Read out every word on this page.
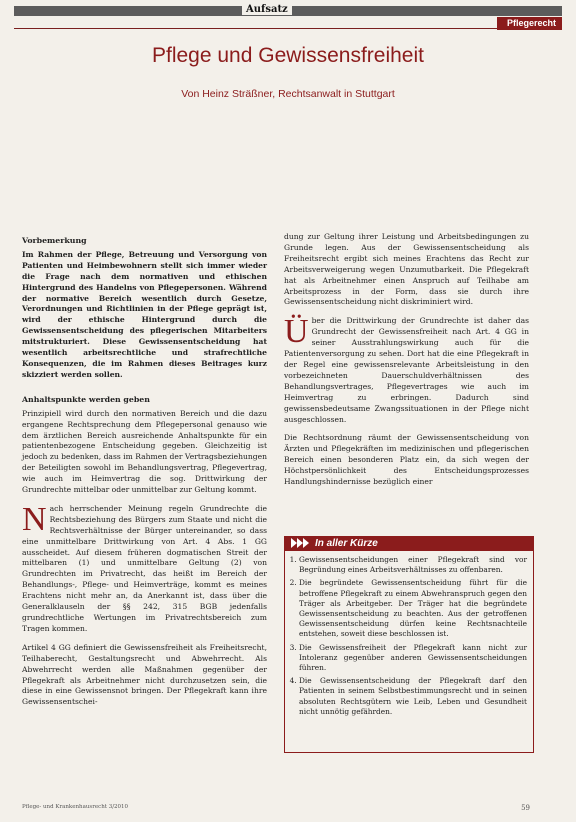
Aufsatz
Pflegerecht
Pflege und Gewissensfreiheit
Von Heinz Sträßner, Rechtsanwalt in Stuttgart
Vorbemerkung

Im Rahmen der Pflege, Betreuung und Versorgung von Patienten und Heimbewohnern stellt sich immer wieder die Frage nach dem normativen und ethischen Hintergrund des Handelns von Pflegepersonen. Während der normative Bereich wesentlich durch Gesetze, Verordnungen und Richtlinien in der Pflege geprägt ist, wird der ethische Hintergrund durch die Gewissensentscheidung des pflegerischen Mitarbeiters mitstrukturiert. Diese Gewissensentscheidung hat wesentlich arbeitsrechtliche und strafrechtliche Konsequenzen, die im Rahmen dieses Beitrages kurz skizziert werden sollen.

Anhaltspunkte werden geben

Prinzipiell wird durch den normativen Bereich und die dazu ergangene Rechtsprechung dem Pflegepersonal genauso wie dem ärztlichen Bereich ausreichende Anhaltspunkte für ein patientenbezogene Entscheidung gegeben. Gleichzeitig ist jedoch zu bedenken, dass im Rahmen der Vertragsbeziehungen der Beteiligten sowohl im Behandlungsvertrag, Pflegevertrag, wie auch im Heimvertrag die sog. Drittwirkung der Grundrechte mittelbar oder unmittelbar zur Geltung kommt.

Nach herrschender Meinung regeln Grundrechte die Rechtsbeziehung des Bürgers zum Staate und nicht die Rechtsverhältnisse der Bürger untereinander, so dass eine unmittelbare Drittwirkung von Art. 4 Abs. 1 GG ausscheidet. Auf diesem früheren dogmatischen Streit der mittelbaren (1) und unmittelbare Geltung (2) von Grundrechten im Privatrecht, das heißt im Bereich der Behandlungs-, Pflege- und Heimverträge, kommt es meines Erachtens nicht mehr an, da Anerkannt ist, dass über die Generalklauseln der §§ 242, 315 BGB jedenfalls grundrechtliche Wertungen im Privatrechtsbereich zum Tragen kommen.

Artikel 4 GG definiert die Gewissensfreiheit als Freiheitsrecht, Teilhaberecht, Gestaltungsrecht und Abwehrrecht. Als Abwehrrecht werden alle Maßnahmen gegenüber der Pflegekraft als Arbeitnehmer nicht durchzusetzen sein, die diese in eine Gewissensnot bringen. Der Pflegekraft kann ihre Gewissensentschei-

dung zur Geltung ihrer Leistung und Arbeitsbedingungen zu Grunde legen. Aus der Gewissensentscheidung als Freiheitsrecht ergibt sich meines Erachtens das Recht zur Arbeitsverweigerung wegen Unzumutbarkeit. Die Pflegekraft hat als Arbeitnehmer einen Anspruch auf Teilhabe am Arbeitsprozess in der Form, dass sie durch ihre Gewissensentscheidung nicht diskriminiert wird.

Über die Drittwirkung der Grundrechte ist daher das Grundrecht der Gewissensfreiheit nach Art. 4 GG in seiner Ausstrahlungswirkung auch für die Patientenversorgung zu sehen. Dort hat die eine Pflegekraft in der Regel eine gewissensrelevante Arbeitsleistung in den vorbezeichneten Dauerschuldverhältnissen des Behandlungsvertrages, Pflegevertrages wie auch im Heimvertrag zu erbringen. Dadurch sind gewissensbedeutsame Zwangssituationen in der Pflege nicht ausgeschlossen.

Die Rechtsordnung räumt der Gewissensentscheidung von Ärzten und Pflegekräften im medizinischen und pflegerischen Bereich einen besonderen Platz ein, da sich wegen der Höchstpersönlichkeit des Entscheidungsprozesses Handlungshindernisse bezüglich einer

In aller Kürze
1. Gewissensentscheidungen einer Pflegekraft sind vor Begründung eines Arbeitsverhältnisses zu offenbaren.
2. Die begründete Gewissensentscheidung führt für die betroffene Pflegekraft zu einem Abwehranspruch gegen den Träger als Arbeitgeber. Der Träger hat die begründete Gewissensentscheidung zu beachten. Aus der getroffenen Gewissensentscheidung dürfen keine Rechtsnachteile entstehen, soweit diese beschlossen ist.
3. Die Gewissensfreiheit der Pflegekraft kann nicht zur Intoleranz gegenüber anderen Gewissensentscheidungen führen.
4. Die Gewissensentscheidung der Pflegekraft darf den Patienten in seinem Selbstbestimmungsrecht und in seinen absoluten Rechtsgütern wie Leib, Leben und Gesundheit nicht unnötig gefährden.
Pflege- und Krankenhausrecht 3/2010	59
